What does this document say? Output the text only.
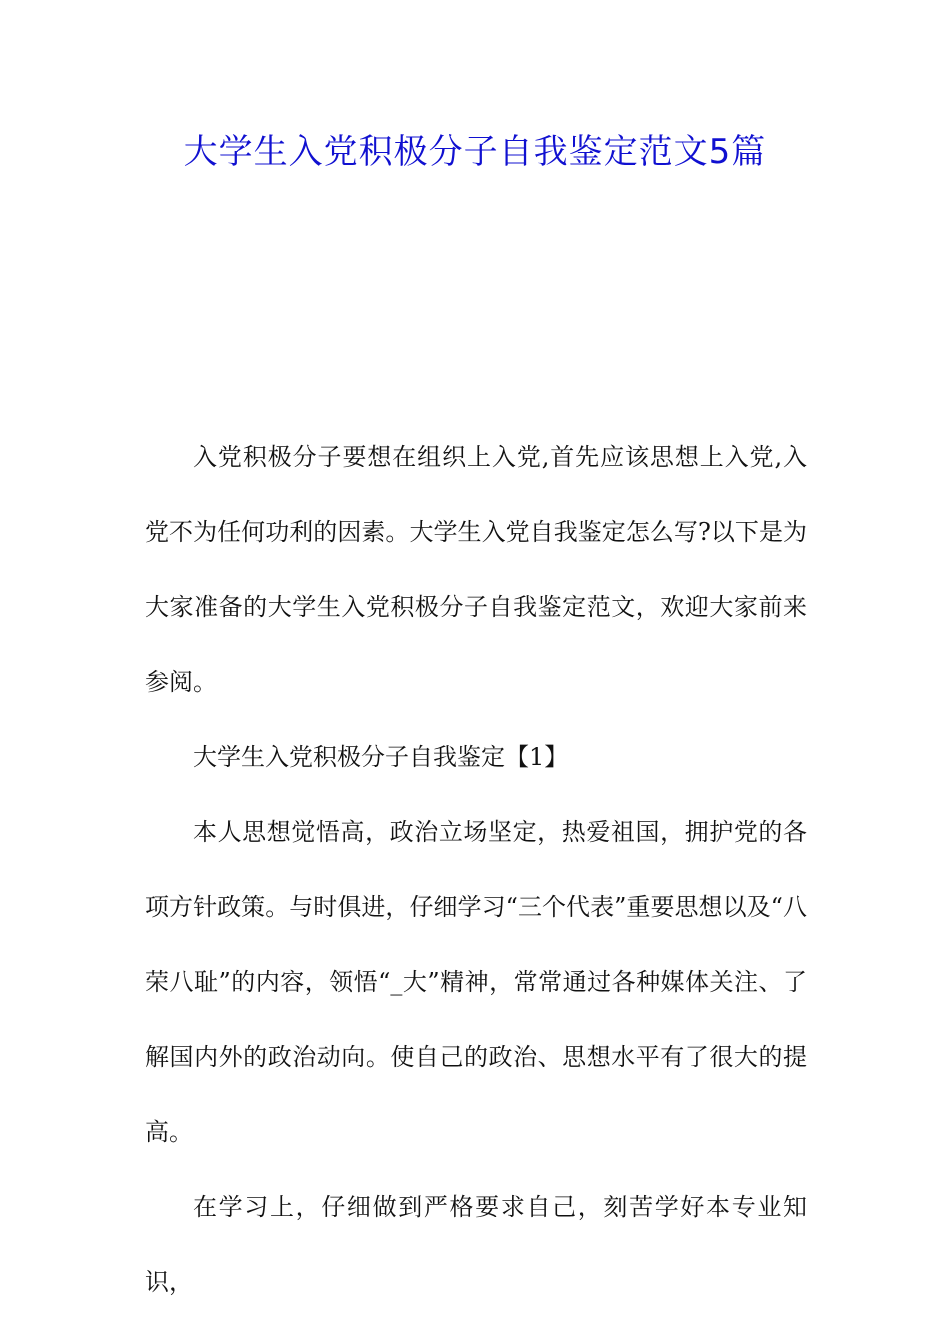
大学生入党积极分子自我鉴定范文5篇

入党积极分子要想在组织上入党,首先应该思想上入党,入党不为任何功利的因素。大学生入党自我鉴定怎么写?以下是为大家准备的大学生入党积极分子自我鉴定范文，欢迎大家前来参阅。

大学生入党积极分子自我鉴定【1】

本人思想觉悟高，政治立场坚定，热爱祖国，拥护党的各项方针政策。与时俱进，仔细学习“三个代表”重要思想以及“八荣八耻”的内容，领悟“_大”精神，常常通过各种媒体关注、了解国内外的政治动向。使自己的政治、思想水平有了很大的提高。

在学习上，仔细做到严格要求自己，刻苦学好本专业知识，
